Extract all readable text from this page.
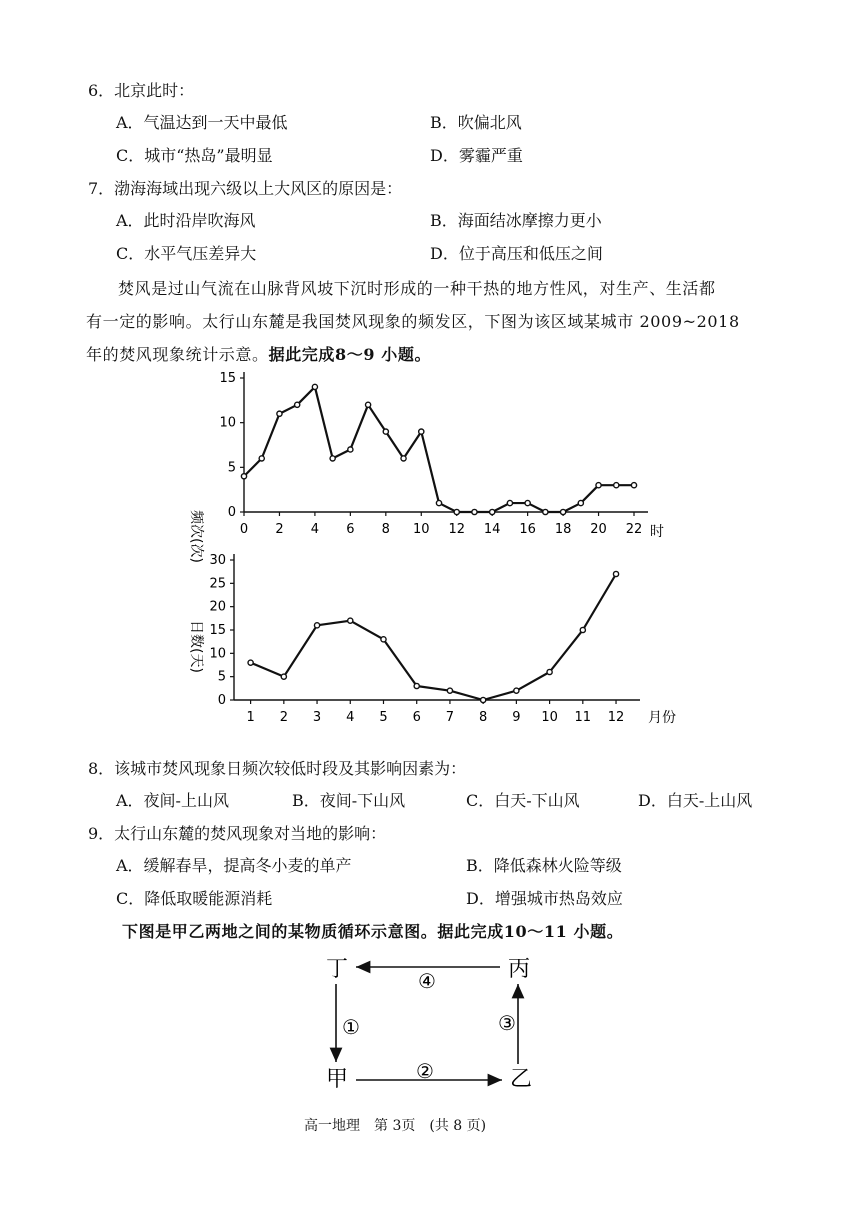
6．北京此时：
A．气温达到一天中最低	B．吹偏北风
C．城市“热岛”最明显	D．雾霾严重
7．渤海海域出现六级以上大风区的原因是：
A．此时沿岸吹海风	B．海面结冰摩擦力更小
C．水平气压差异大	D．位于高压和低压之间
焚风是过山气流在山脉背风坡下沉时形成的一种干热的地方性风，对生产、生活都
有一定的影响。太行山东麓是我国焚风现象的频发区，下图为该区域某城市 2009~2018
年的焚风现象统计示意。据此完成8～9 小题。
频次(次) 0
5
10
15
0 2 4 6 8 10 12 14 16 18 20 22 时
日数(天)
0
5
10
15
20
25
30
1 2 3 4 5 6 7 8 9 10 11 12 月份
8．该城市焚风现象日频次较低时段及其影响因素为：
A．夜间-上山风	B．夜间-下山风	C．白天-下山风	D．白天-上山风
9．太行山东麓的焚风现象对当地的影响：
A．缓解春旱，提高冬小麦的单产	B．降低森林火险等级
C．降低取暖能源消耗	D．增强城市热岛效应
下图是甲乙两地之间的某物质循环示意图。据此完成10～11 小题。
丁	丙
甲	乙
④
①
②
③
高一地理　第 3页　(共 8 页)
